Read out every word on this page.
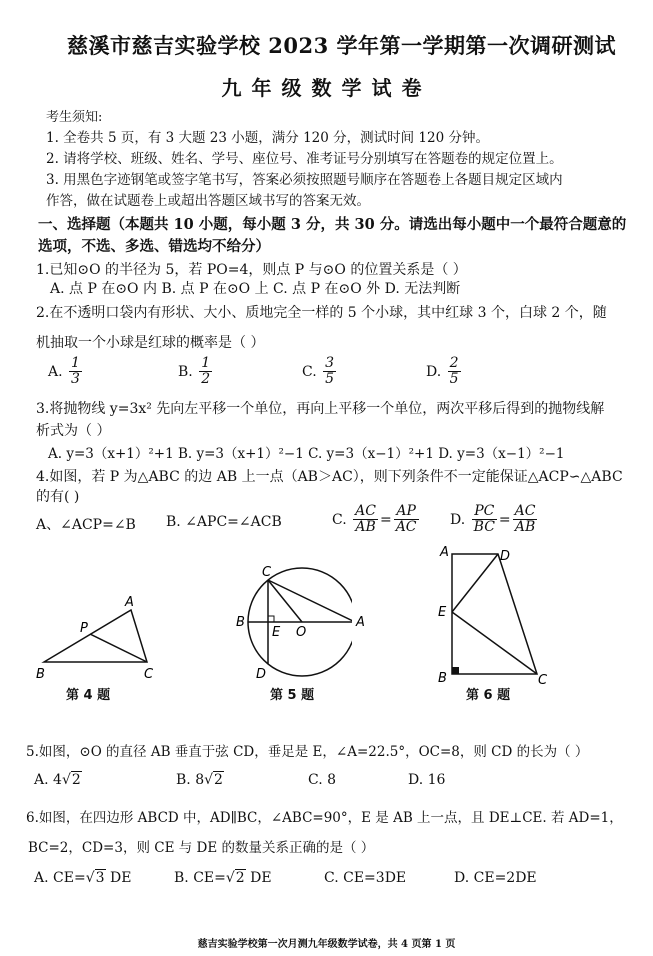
慈溪市慈吉实验学校 2023 学年第一学期第一次调研测试
九年级数学试卷
考生须知:
1. 全卷共 5 页，有 3 大题 23 小题，满分 120 分，测试时间 120 分钟。
2. 请将学校、班级、姓名、学号、座位号、准考证号分别填写在答题卷的规定位置上。
3. 用黑色字迹钢笔或签字笔书写，答案必须按照题号顺序在答题卷上各题目规定区域内
作答，做在试题卷上或超出答题区域书写的答案无效。
一、选择题（本题共 10 小题，每小题 3 分，共 30 分。请选出每小题中一个最符合题意的
选项，不选、多选、错选均不给分）
1.已知⊙O 的半径为 5，若 PO=4，则点 P 与⊙O 的位置关系是（ ）
A. 点 P 在⊙O 内 B. 点 P 在⊙O 上 C. 点 P 在⊙O 外 D. 无法判断
2.在不透明口袋内有形状、大小、质地完全一样的 5 个小球，其中红球 3 个，白球 2 个，随
机抽取一个小球是红球的概率是（ ）
A. $\frac{1}{3}$	B. $\frac{1}{2}$	C. $\frac{3}{5}$	D. $\frac{2}{5}$
3.将抛物线 y=3x² 先向左平移一个单位，再向上平移一个单位，两次平移后得到的抛物线解
析式为（ ）
A. y=3（x+1）²+1 B. y=3（x+1）²−1 C. y=3（x−1）²+1 D. y=3（x−1）²−1
4.如图，若 P 为△ABC 的边 AB 上一点（AB＞AC），则下列条件不一定能保证△ACP∽△ABC
的有( )
A、∠ACP=∠B B. ∠APC=∠ACB	C. $\frac{AC}{AB} = \frac{AP}{AC} D$. $\frac{PC}{BC} = \frac{AC}{AB}$
A
P
B	C
第 4 题
C
B
E O
A
D
第 5 题
A	D
E
B	C
第 6 题
5.如图，⊙O 的直径 AB 垂直于弦 CD，垂足是 E，∠A=22.5°，OC=8，则 CD 的长为（ ）
A. 4√2	B. 8√2	C. 8	D. 16
6.如图，在四边形 ABCD 中，AD∥BC，∠ABC=90°，E 是 AB 上一点，且 DE⊥CE. 若 AD=1，
BC=2，CD=3，则 CE 与 DE 的数量关系正确的是（ ）
A. CE=√3 DE	B. CE=√2 DE	C. CE=3DE	D. CE=2DE
慈吉实验学校第一次月测九年级数学试卷，共 4 页第 1 页
